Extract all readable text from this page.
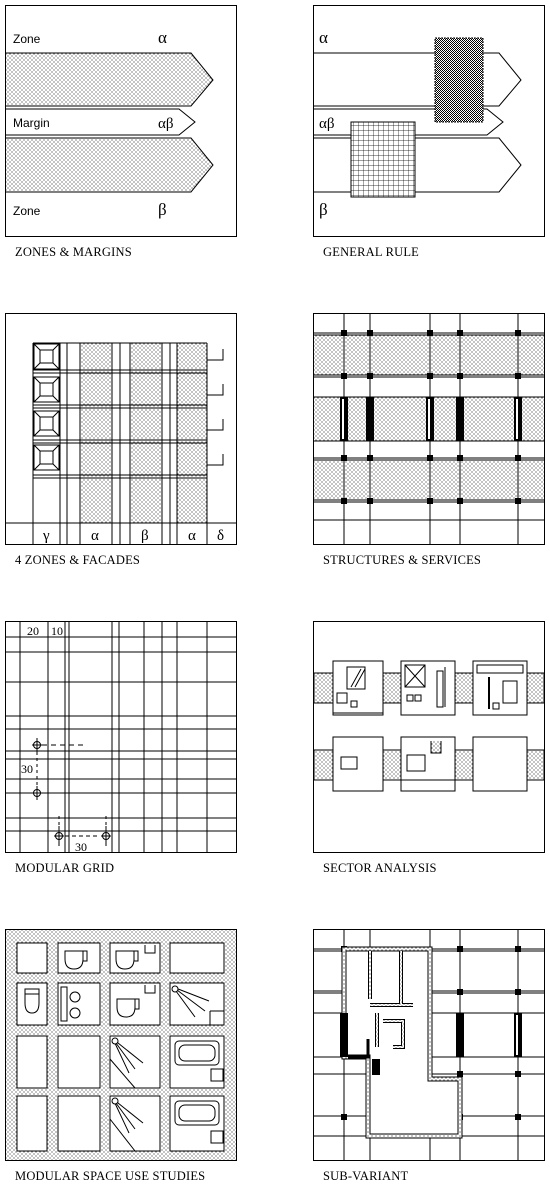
Zone	α
Margin	αβ
Zone	β
ZONES & MARGINS
α
αβ
β
GENERAL RULE
γ	α	β	α δ
4 ZONES & FACADES	STRUCTURES & SERVICES
20 10
30
30
MODULAR GRID	SECTOR ANALYSIS
MODULAR SPACE USE STUDIES	SUB-VARIANT
